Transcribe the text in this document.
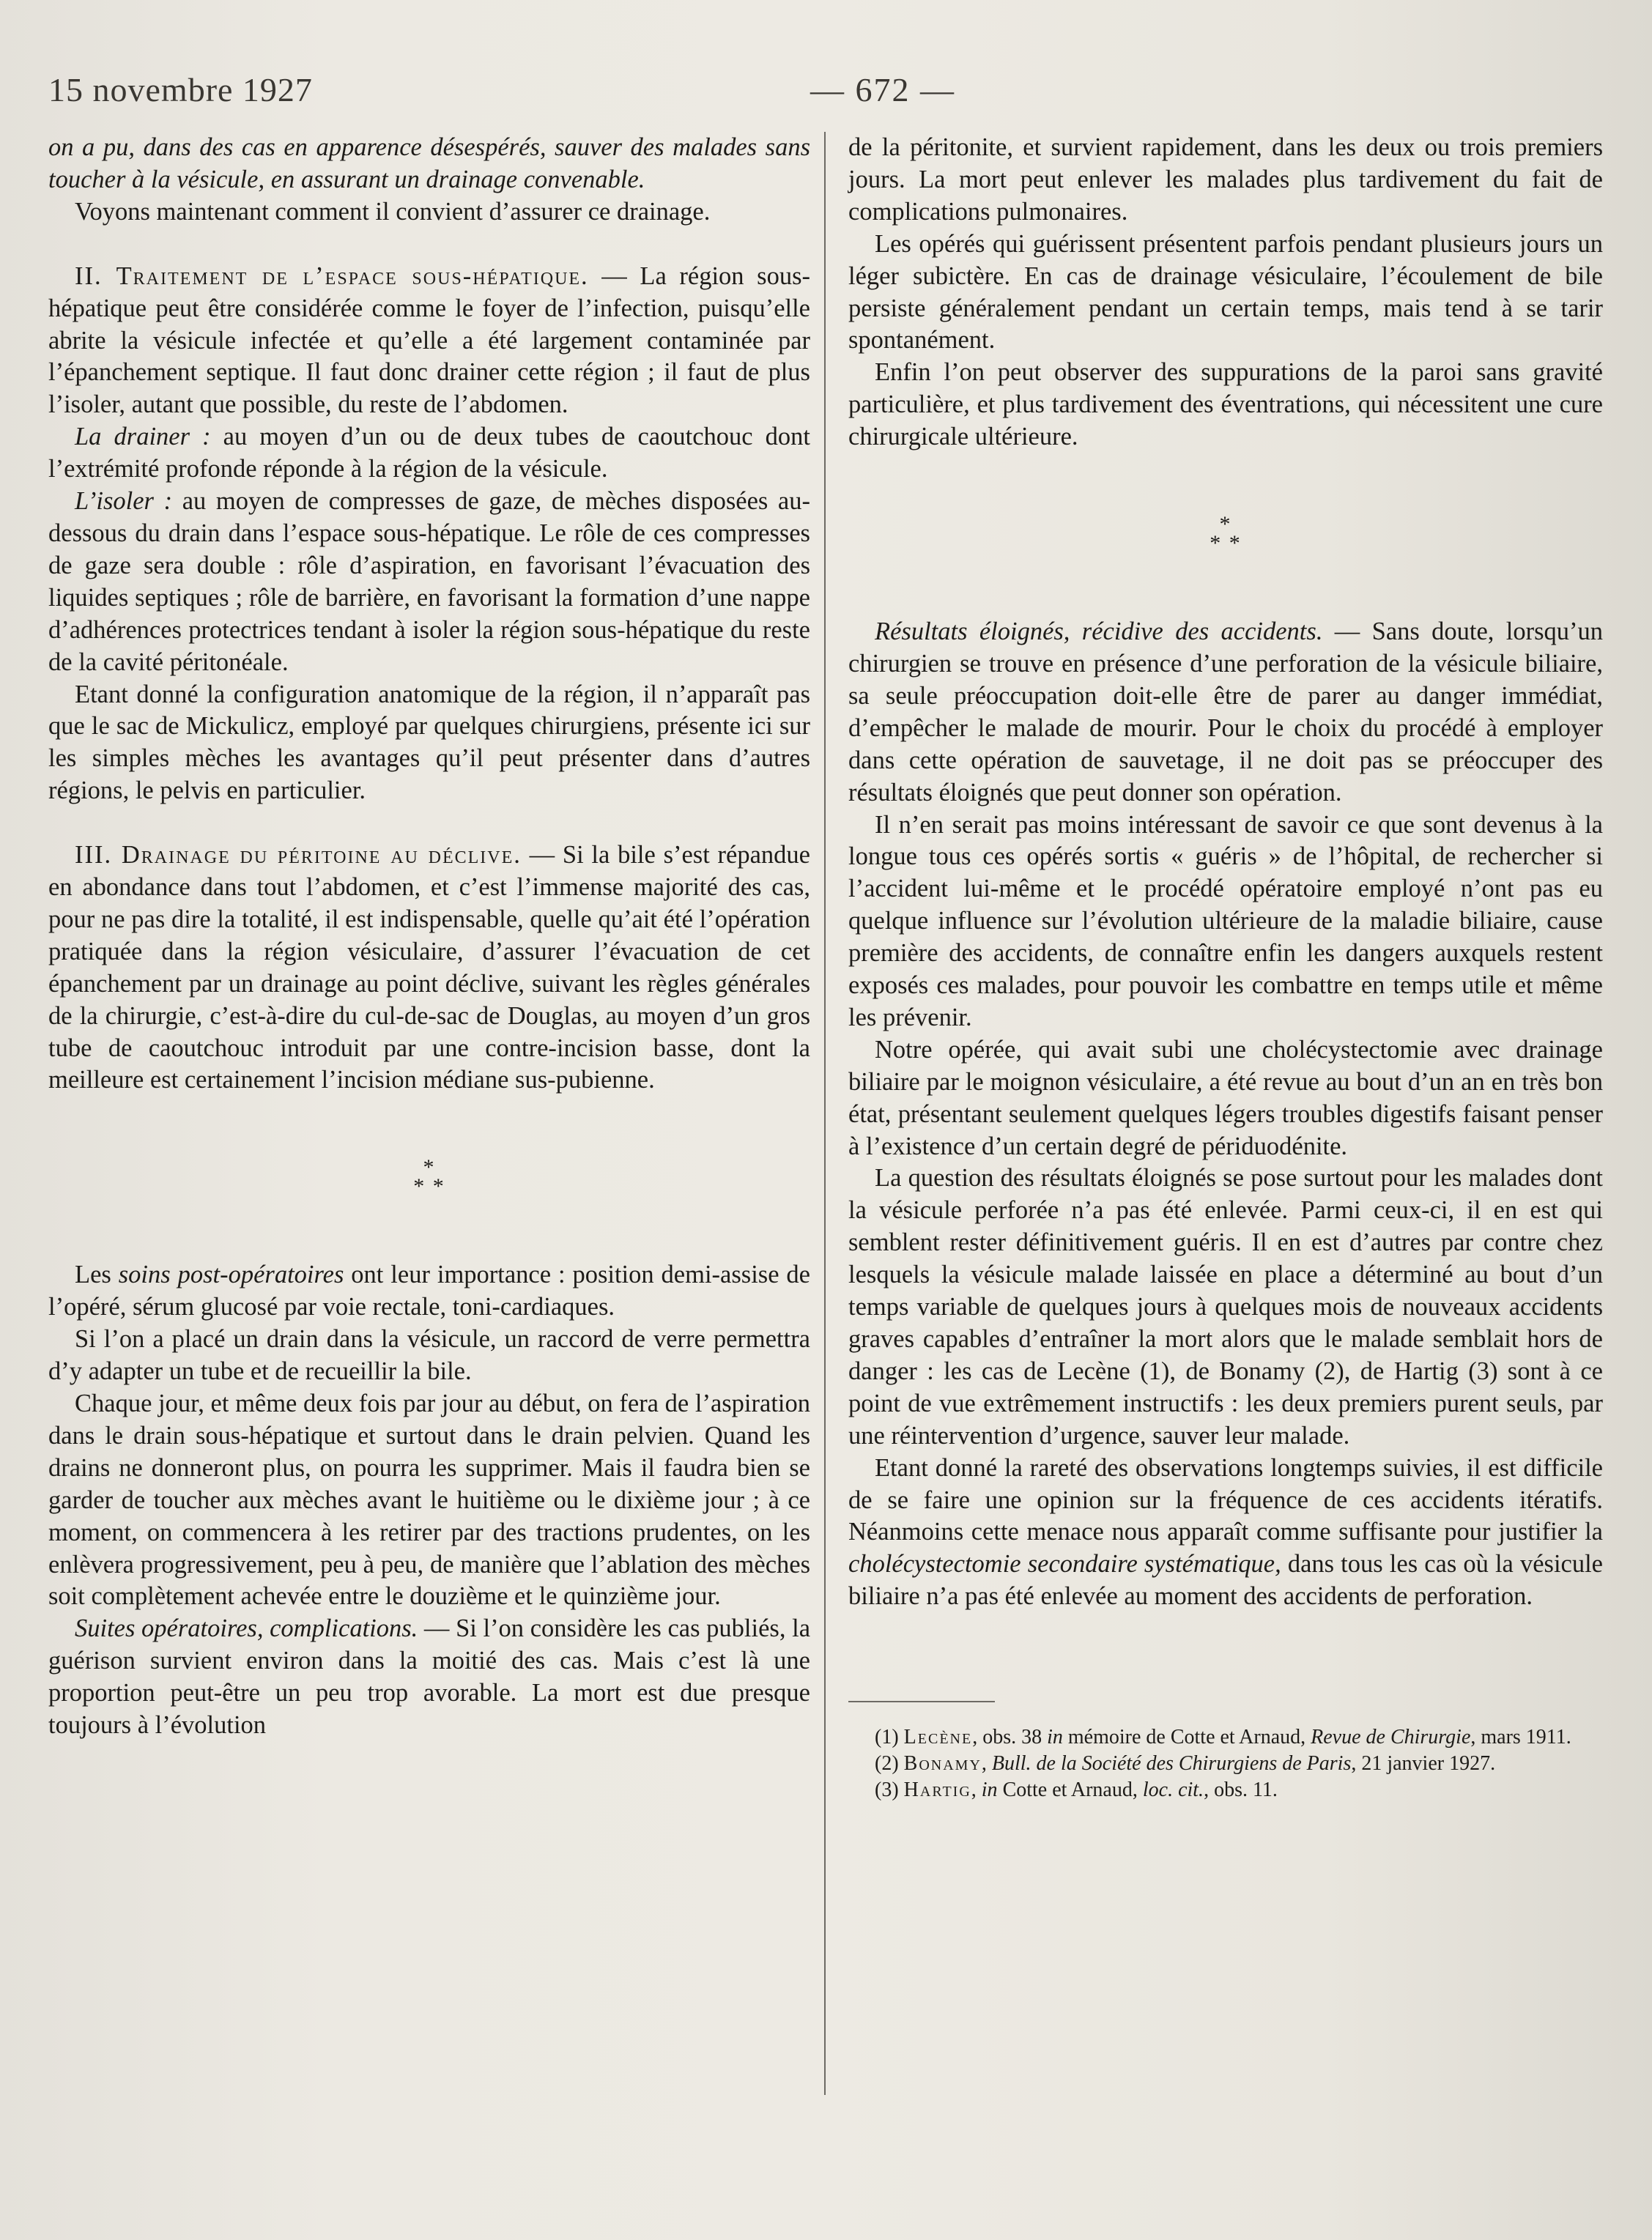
15 novembre 1927	— 672 —

on a pu, dans des cas en apparence désespérés, sauver des malades sans toucher à la vésicule, en assurant un drainage convenable.

Voyons maintenant comment il convient d’assurer ce drainage.

II. Traitement de l’espace sous-hépatique. — La région sous-hépatique peut être considérée comme le foyer de l’infection, puisqu’elle abrite la vésicule infectée et qu’elle a été largement contaminée par l’épanchement septique. Il faut donc drainer cette région ; il faut de plus l’isoler, autant que possible, du reste de l’abdomen.

La drainer : au moyen d’un ou de deux tubes de caoutchouc dont l’extrémité profonde réponde à la région de la vésicule.

L’isoler : au moyen de compresses de gaze, de mèches disposées au-dessous du drain dans l’espace sous-hépatique. Le rôle de ces compresses de gaze sera double : rôle d’aspiration, en favorisant l’évacuation des liquides septiques ; rôle de barrière, en favorisant la formation d’une nappe d’adhérences protectrices tendant à isoler la région sous-hépatique du reste de la cavité péritonéale.

Etant donné la configuration anatomique de la région, il n’apparaît pas que le sac de Mickulicz, employé par quelques chirurgiens, présente ici sur les simples mèches les avantages qu’il peut présenter dans d’autres régions, le pelvis en particulier.

III. Drainage du péritoine au déclive. — Si la bile s’est répandue en abondance dans tout l’abdomen, et c’est l’immense majorité des cas, pour ne pas dire la totalité, il est indispensable, quelle qu’ait été l’opération pratiquée dans la région vésiculaire, d’assurer l’évacuation de cet épanchement par un drainage au point déclive, suivant les règles générales de la chirurgie, c’est-à-dire du cul-de-sac de Douglas, au moyen d’un gros tube de caoutchouc introduit par une contre-incision basse, dont la meilleure est certainement l’incision médiane sus-pubienne.

*
* *

Les soins post-opératoires ont leur importance : position demi-assise de l’opéré, sérum glucosé par voie rectale, toni-cardiaques.

Si l’on a placé un drain dans la vésicule, un raccord de verre permettra d’y adapter un tube et de recueillir la bile.

Chaque jour, et même deux fois par jour au début, on fera de l’aspiration dans le drain sous-hépatique et surtout dans le drain pelvien. Quand les drains ne donneront plus, on pourra les supprimer. Mais il faudra bien se garder de toucher aux mèches avant le huitième ou le dixième jour ; à ce moment, on commencera à les retirer par des tractions prudentes, on les enlèvera progressivement, peu à peu, de manière que l’ablation des mèches soit complètement achevée entre le douzième et le quinzième jour.

Suites opératoires, complications. — Si l’on considère les cas publiés, la guérison survient environ dans la moitié des cas. Mais c’est là une proportion peut-être un peu trop avorable. La mort est due presque toujours à l’évolution

de la péritonite, et survient rapidement, dans les deux ou trois premiers jours. La mort peut enlever les malades plus tardivement du fait de complications pulmonaires.

Les opérés qui guérissent présentent parfois pendant plusieurs jours un léger subictère. En cas de drainage vésiculaire, l’écoulement de bile persiste généralement pendant un certain temps, mais tend à se tarir spontanément.

Enfin l’on peut observer des suppurations de la paroi sans gravité particulière, et plus tardivement des éventrations, qui nécessitent une cure chirurgicale ultérieure.

*
* *

Résultats éloignés, récidive des accidents. — Sans doute, lorsqu’un chirurgien se trouve en présence d’une perforation de la vésicule biliaire, sa seule préoccupation doit-elle être de parer au danger immédiat, d’empêcher le malade de mourir. Pour le choix du procédé à employer dans cette opération de sauvetage, il ne doit pas se préoccuper des résultats éloignés que peut donner son opération.

Il n’en serait pas moins intéressant de savoir ce que sont devenus à la longue tous ces opérés sortis « guéris » de l’hôpital, de rechercher si l’accident lui-même et le procédé opératoire employé n’ont pas eu quelque influence sur l’évolution ultérieure de la maladie biliaire, cause première des accidents, de connaître enfin les dangers auxquels restent exposés ces malades, pour pouvoir les combattre en temps utile et même les prévenir.

Notre opérée, qui avait subi une cholécystectomie avec drainage biliaire par le moignon vésiculaire, a été revue au bout d’un an en très bon état, présentant seulement quelques légers troubles digestifs faisant penser à l’existence d’un certain degré de périduodénite.

La question des résultats éloignés se pose surtout pour les malades dont la vésicule perforée n’a pas été enlevée. Parmi ceux-ci, il en est qui semblent rester définitivement guéris. Il en est d’autres par contre chez lesquels la vésicule malade laissée en place a déterminé au bout d’un temps variable de quelques jours à quelques mois de nouveaux accidents graves capables d’entraîner la mort alors que le malade semblait hors de danger : les cas de Lecène (1), de Bonamy (2), de Hartig (3) sont à ce point de vue extrêmement instructifs : les deux premiers purent seuls, par une réintervention d’urgence, sauver leur malade.

Etant donné la rareté des observations longtemps suivies, il est difficile de se faire une opinion sur la fréquence de ces accidents itératifs. Néanmoins cette menace nous apparaît comme suffisante pour justifier la cholécystectomie secondaire systématique, dans tous les cas où la vésicule biliaire n’a pas été enlevée au moment des accidents de perforation.

(1) Lecène, obs. 38 in mémoire de Cotte et Arnaud, Revue de Chirurgie, mars 1911.

(2) Bonamy, Bull. de la Société des Chirurgiens de Paris, 21 janvier 1927.

(3) Hartig, in Cotte et Arnaud, loc. cit., obs. 11.
